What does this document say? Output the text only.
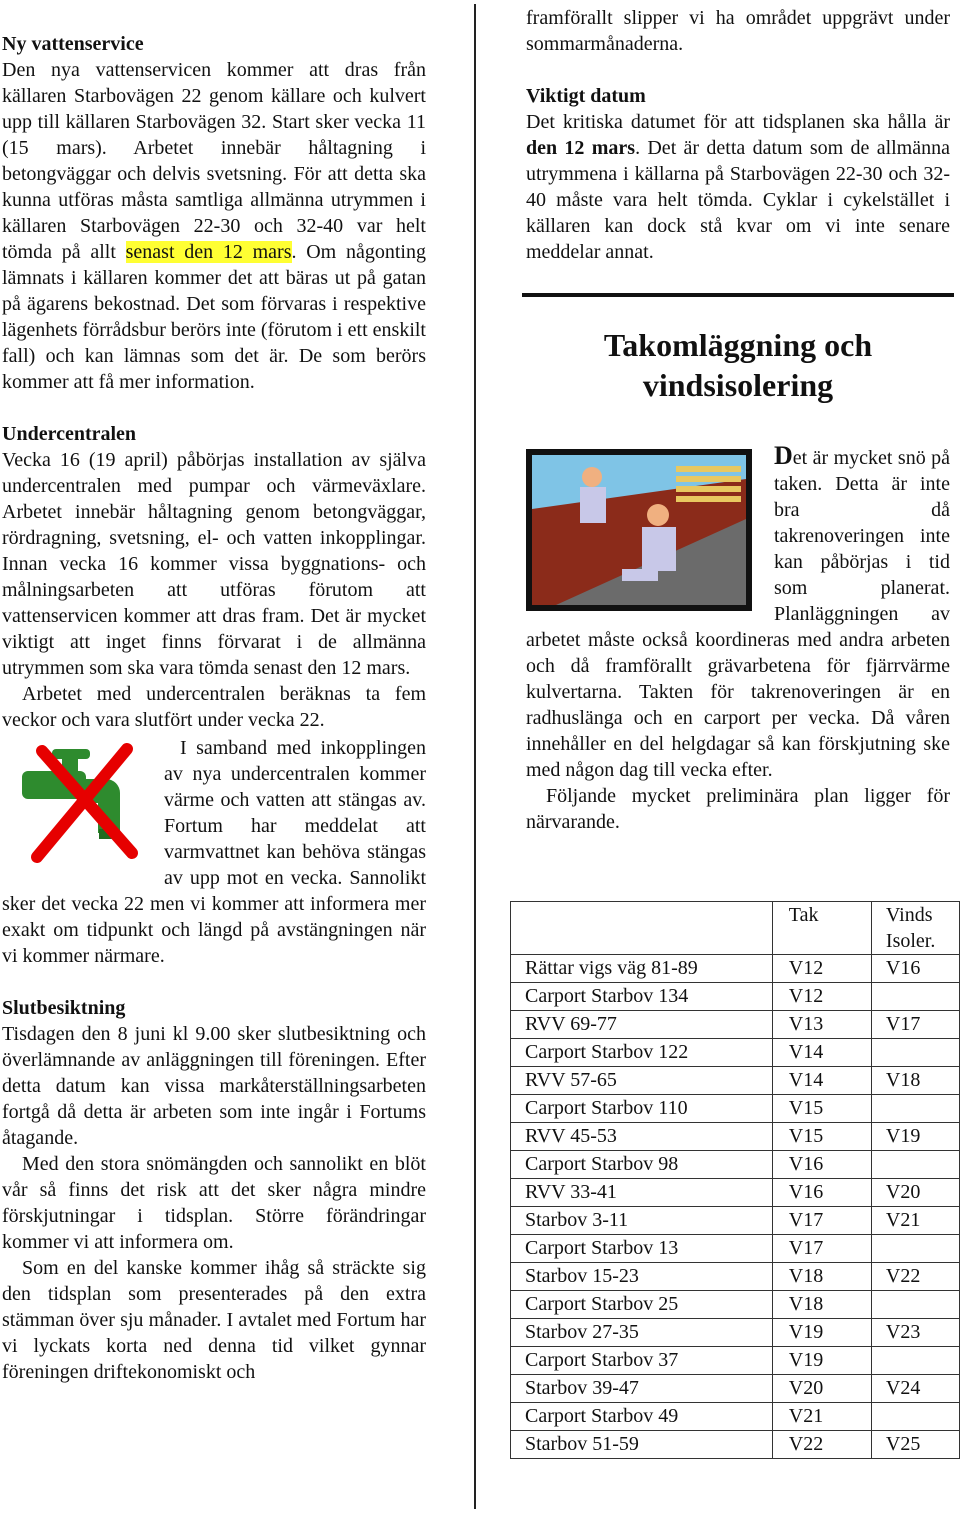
Ny vattenservice

Den nya vattenservicen kommer att dras från källaren Starbovägen 22 genom källare och kulvert upp till källaren Starbovägen 32. Start sker vecka 11 (15 mars). Arbetet innebär håltagning i betongväggar och delvis svetsning. För att detta ska kunna utföras måsta samtliga allmänna utrymmen i källaren Starbovägen 22-30 och 32-40 var helt tömda på allt senast den 12 mars. Om någonting lämnats i källaren kommer det att bäras ut på gatan på ägarens bekostnad. Det som förvaras i respektive lägenhets förrådsbur berörs inte (förutom i ett enskilt fall) och kan lämnas som det är. De som berörs kommer att få mer information.

Undercentralen

Vecka 16 (19 april) påbörjas installation av själva undercentralen med pumpar och värmeväxlare. Arbetet innebär håltagning genom betongväggar, rördragning, svetsning, el- och vatten inkopplingar. Innan vecka 16 kommer vissa byggnations- och målningsarbeten att utföras förutom att vattenservicen kommer att dras fram. Det är mycket viktigt att inget finns förvarat i de allmänna utrymmen som ska vara tömda senast den 12 mars.

Arbetet med undercentralen beräknas ta fem veckor och vara slutfört under vecka 22.

I samband med inkopplingen av nya undercentralen kommer värme och vatten att stängas av. Fortum har meddelat att varmvattnet kan behöva stängas av upp mot en vecka. Sannolikt sker det vecka 22 men vi kommer att informera mer exakt om tidpunkt och längd på avstängningen när vi kommer närmare.

Slutbesiktning

Tisdagen den 8 juni kl 9.00 sker slutbesiktning och överlämnande av anläggningen till föreningen. Efter detta datum kan vissa markåterställningsarbeten fortgå då detta är arbeten som inte ingår i Fortums åtagande.

Med den stora snömängden och sannolikt en blöt vår så finns det risk att det sker några mindre förskjutningar i tidsplan. Större förändringar kommer vi att informera om.

Som en del kanske kommer ihåg så sträckte sig den tidsplan som presenterades på den extra stämman över sju månader. I avtalet med Fortum har vi lyckats korta ned denna tid vilket gynnar föreningen driftekonomiskt och

framförallt slipper vi ha området uppgrävt under sommarmånaderna.

Viktigt datum

Det kritiska datumet för att tidsplanen ska hålla är den 12 mars. Det är detta datum som de allmänna utrymmena i källarna på Starbovägen 22-30 och 32-40 måste vara helt tömda. Cyklar i cykelstället i källaren kan dock stå kvar om vi inte senare meddelar annat.

Takomläggning och vindsisolering

Det är mycket snö på taken. Detta är inte bra då takrenoveringen inte kan påbörjas i tid som planerat. Planläggningen av arbetet måste också koordineras med andra arbeten och då framförallt grävarbetena för fjärrvärme kulvertarna. Takten för takrenoveringen är en radhuslänga och en carport per vecka. Då våren innehåller en del helgdagar så kan förskjutning ske med någon dag till vecka efter.

Följande mycket preliminära plan ligger för närvarande.

	Tak	Vinds Isoler.
Rättar vigs väg 81-89	V12	V16
Carport Starbov 134	V12	
RVV 69-77	V13	V17
Carport Starbov 122	V14	
RVV 57-65	V14	V18
Carport Starbov 110	V15	
RVV 45-53	V15	V19
Carport Starbov 98	V16	
RVV 33-41	V16	V20
Starbov 3-11	V17	V21
Carport Starbov 13	V17	
Starbov 15-23	V18	V22
Carport Starbov 25	V18	
Starbov 27-35	V19	V23
Carport Starbov 37	V19	
Starbov 39-47	V20	V24
Carport Starbov 49	V21	
Starbov 51-59	V22	V25
